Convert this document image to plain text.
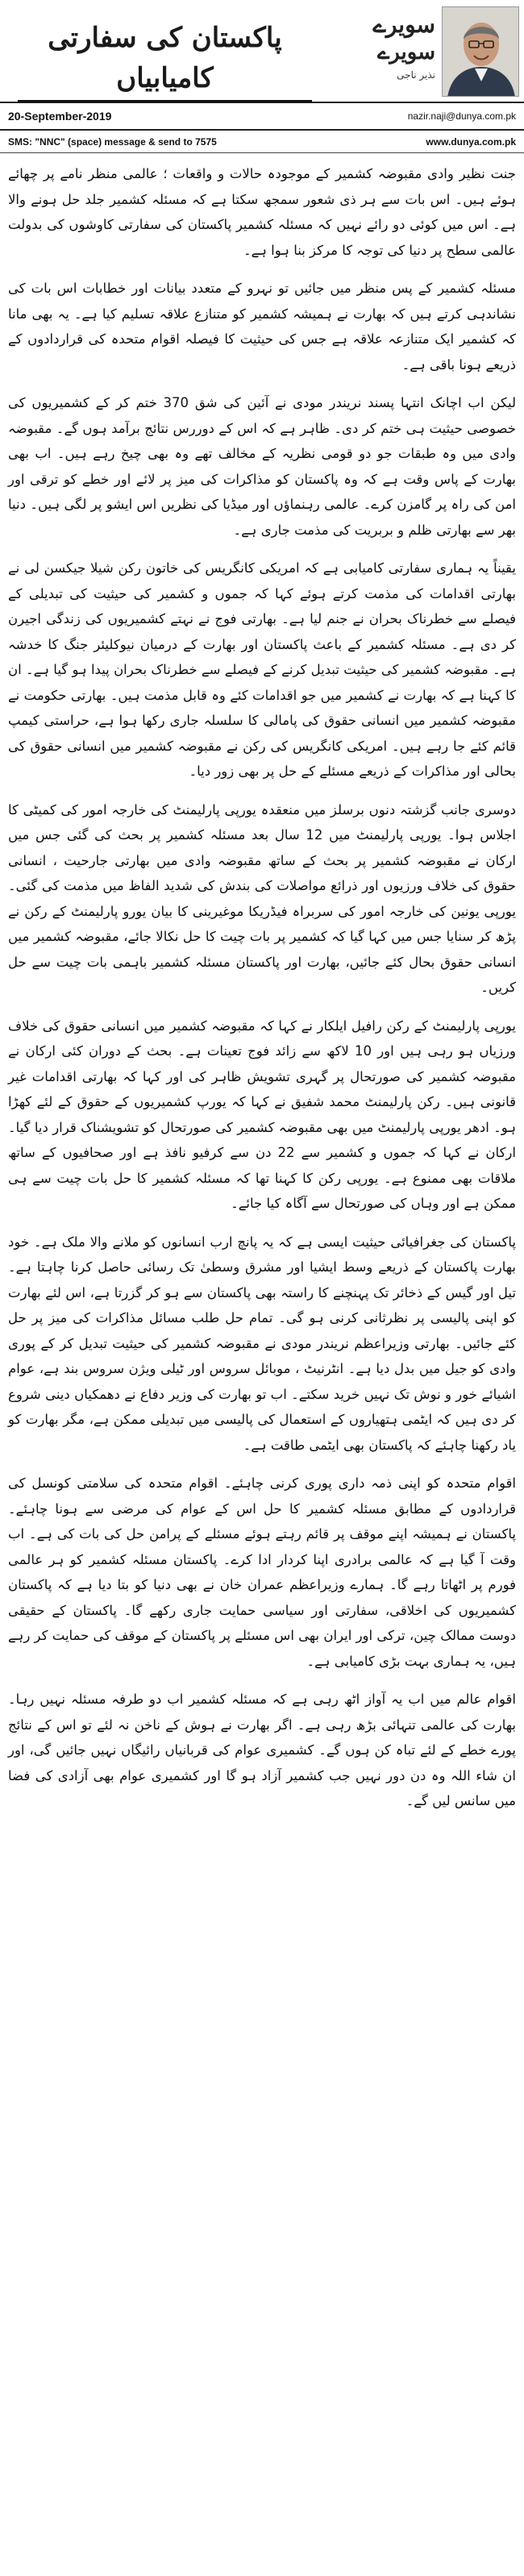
پاکستان کی سفارتی کامیابیاں
سویرے
سویرے
نذیر ناجی
20-September-2019	nazir.naji@dunya.com.pk
SMS: "NNC" (space) message & send to 7575	www.dunya.com.pk

جنت نظیر وادی مقبوضہ کشمیر کے موجودہ حالات و واقعات ؛ عالمی منظر نامے پر چھائے ہوئے ہیں۔ اس بات سے ہر ذی شعور سمجھ سکتا ہے کہ مسئلہ کشمیر جلد حل ہونے والا ہے۔ اس میں کوئی دو رائے نہیں کہ مسئلہ کشمیر پاکستان کی سفارتی کاوشوں کی بدولت عالمی سطح پر دنیا کی توجہ کا مرکز بنا ہوا ہے۔

مسئلہ کشمیر کے پس منظر میں جائیں تو نہرو کے متعدد بیانات اور خطابات اس بات کی نشاندہی کرتے ہیں کہ بھارت نے ہمیشہ کشمیر کو متنازع علاقہ تسلیم کیا ہے۔ یہ بھی مانا کہ کشمیر ایک متنازعہ علاقہ ہے جس کی حیثیت کا فیصلہ اقوام متحدہ کی قراردادوں کے ذریعے ہونا باقی ہے۔

لیکن اب اچانک انتہا پسند نریندر مودی نے آئین کی شق 370 ختم کر کے کشمیریوں کی خصوصی حیثیت ہی ختم کر دی۔ ظاہر ہے کہ اس کے دوررس نتائج برآمد ہوں گے۔ مقبوضہ وادی میں وہ طبقات جو دو قومی نظریہ کے مخالف تھے وہ بھی چیخ رہے ہیں۔ اب بھی بھارت کے پاس وقت ہے کہ وہ پاکستان کو مذاکرات کی میز پر لائے اور خطے کو ترقی اور امن کی راہ پر گامزن کرے۔ عالمی رہنماؤں اور میڈیا کی نظریں اس ایشو پر لگی ہیں۔ دنیا بھر سے بھارتی ظلم و بربریت کی مذمت جاری ہے۔

یقیناً یہ ہماری سفارتی کامیابی ہے کہ امریکی کانگریس کی خاتون رکن شیلا جیکسن لی نے بھارتی اقدامات کی مذمت کرتے ہوئے کہا کہ جموں و کشمیر کی حیثیت کی تبدیلی کے فیصلے سے خطرناک بحران نے جنم لیا ہے۔ بھارتی فوج نے نہتے کشمیریوں کی زندگی اجیرن کر دی ہے۔ مسئلہ کشمیر کے باعث پاکستان اور بھارت کے درمیان نیوکلیئر جنگ کا خدشہ ہے۔ مقبوضہ کشمیر کی حیثیت تبدیل کرنے کے فیصلے سے خطرناک بحران پیدا ہو گیا ہے۔ ان کا کہنا ہے کہ بھارت نے کشمیر میں جو اقدامات کئے وہ قابل مذمت ہیں۔ بھارتی حکومت نے مقبوضہ کشمیر میں انسانی حقوق کی پامالی کا سلسلہ جاری رکھا ہوا ہے، حراستی کیمپ قائم کئے جا رہے ہیں۔ امریکی کانگریس کی رکن نے مقبوضہ کشمیر میں انسانی حقوق کی بحالی اور مذاکرات کے ذریعے مسئلے کے حل پر بھی زور دیا۔

دوسری جانب گزشتہ دنوں برسلز میں منعقدہ یورپی پارلیمنٹ کی خارجہ امور کی کمیٹی کا اجلاس ہوا۔ یورپی پارلیمنٹ میں 12 سال بعد مسئلہ کشمیر پر بحث کی گئی جس میں ارکان نے مقبوضہ کشمیر پر بحث کے ساتھ مقبوضہ وادی میں بھارتی جارحیت ، انسانی حقوق کی خلاف ورزیوں اور ذرائع مواصلات کی بندش کی شدید الفاظ میں مذمت کی گئی۔ یورپی یونین کی خارجہ امور کی سربراہ فیڈریکا موغیرینی کا بیان یورو پارلیمنٹ کے رکن نے پڑھ کر سنایا جس میں کہا گیا کہ کشمیر پر بات چیت کا حل نکالا جائے، مقبوضہ کشمیر میں انسانی حقوق بحال کئے جائیں، بھارت اور پاکستان مسئلہ کشمیر باہمی بات چیت سے حل کریں۔

یورپی پارلیمنٹ کے رکن رافیل ایلکار نے کہا کہ مقبوضہ کشمیر میں انسانی حقوق کی خلاف ورزیاں ہو رہی ہیں اور 10 لاکھ سے زائد فوج تعینات ہے۔ بحث کے دوران کئی ارکان نے مقبوضہ کشمیر کی صورتحال پر گہری تشویش ظاہر کی اور کہا کہ بھارتی اقدامات غیر قانونی ہیں۔ رکن پارلیمنٹ محمد شفیق نے کہا کہ یورپ کشمیریوں کے حقوق کے لئے کھڑا ہو۔ ادھر یورپی پارلیمنٹ میں بھی مقبوضہ کشمیر کی صورتحال کو تشویشناک قرار دیا گیا۔ ارکان نے کہا کہ جموں و کشمیر سے 22 دن سے کرفیو نافذ ہے اور صحافیوں کے ساتھ ملاقات بھی ممنوع ہے۔ یورپی رکن کا کہنا تھا کہ مسئلہ کشمیر کا حل بات چیت سے ہی ممکن ہے اور وہاں کی صورتحال سے آگاہ کیا جائے۔

پاکستان کی جغرافیائی حیثیت ایسی ہے کہ یہ پانچ ارب انسانوں کو ملانے والا ملک ہے۔ خود بھارت پاکستان کے ذریعے وسط ایشیا اور مشرق وسطیٰ تک رسائی حاصل کرنا چاہتا ہے۔ تیل اور گیس کے ذخائر تک پہنچنے کا راستہ بھی پاکستان سے ہو کر گزرتا ہے، اس لئے بھارت کو اپنی پالیسی پر نظرثانی کرنی ہو گی۔ تمام حل طلب مسائل مذاکرات کی میز پر حل کئے جائیں۔ بھارتی وزیراعظم نریندر مودی نے مقبوضہ کشمیر کی حیثیت تبدیل کر کے پوری وادی کو جیل میں بدل دیا ہے۔ انٹرنیٹ ، موبائل سروس اور ٹیلی ویژن سروس بند ہے، عوام اشیائے خور و نوش تک نہیں خرید سکتے۔ اب تو بھارت کی وزیر دفاع نے دھمکیاں دینی شروع کر دی ہیں کہ ایٹمی ہتھیاروں کے استعمال کی پالیسی میں تبدیلی ممکن ہے، مگر بھارت کو یاد رکھنا چاہئے کہ پاکستان بھی ایٹمی طاقت ہے۔

اقوام متحدہ کو اپنی ذمہ داری پوری کرنی چاہئے۔ اقوام متحدہ کی سلامتی کونسل کی قراردادوں کے مطابق مسئلہ کشمیر کا حل اس کے عوام کی مرضی سے ہونا چاہئے۔ پاکستان نے ہمیشہ اپنے موقف پر قائم رہتے ہوئے مسئلے کے پرامن حل کی بات کی ہے۔ اب وقت آ گیا ہے کہ عالمی برادری اپنا کردار ادا کرے۔ پاکستان مسئلہ کشمیر کو ہر عالمی فورم پر اٹھاتا رہے گا۔ ہمارے وزیراعظم عمران خان نے بھی دنیا کو بتا دیا ہے کہ پاکستان کشمیریوں کی اخلاقی، سفارتی اور سیاسی حمایت جاری رکھے گا۔ پاکستان کے حقیقی دوست ممالک چین، ترکی اور ایران بھی اس مسئلے پر پاکستان کے موقف کی حمایت کر رہے ہیں، یہ ہماری بہت بڑی کامیابی ہے۔

اقوام عالم میں اب یہ آواز اٹھ رہی ہے کہ مسئلہ کشمیر اب دو طرفہ مسئلہ نہیں رہا۔ بھارت کی عالمی تنہائی بڑھ رہی ہے۔ اگر بھارت نے ہوش کے ناخن نہ لئے تو اس کے نتائج پورے خطے کے لئے تباہ کن ہوں گے۔ کشمیری عوام کی قربانیاں رائیگاں نہیں جائیں گی، اور ان شاء اللہ وہ دن دور نہیں جب کشمیر آزاد ہو گا اور کشمیری عوام بھی آزادی کی فضا میں سانس لیں گے۔
